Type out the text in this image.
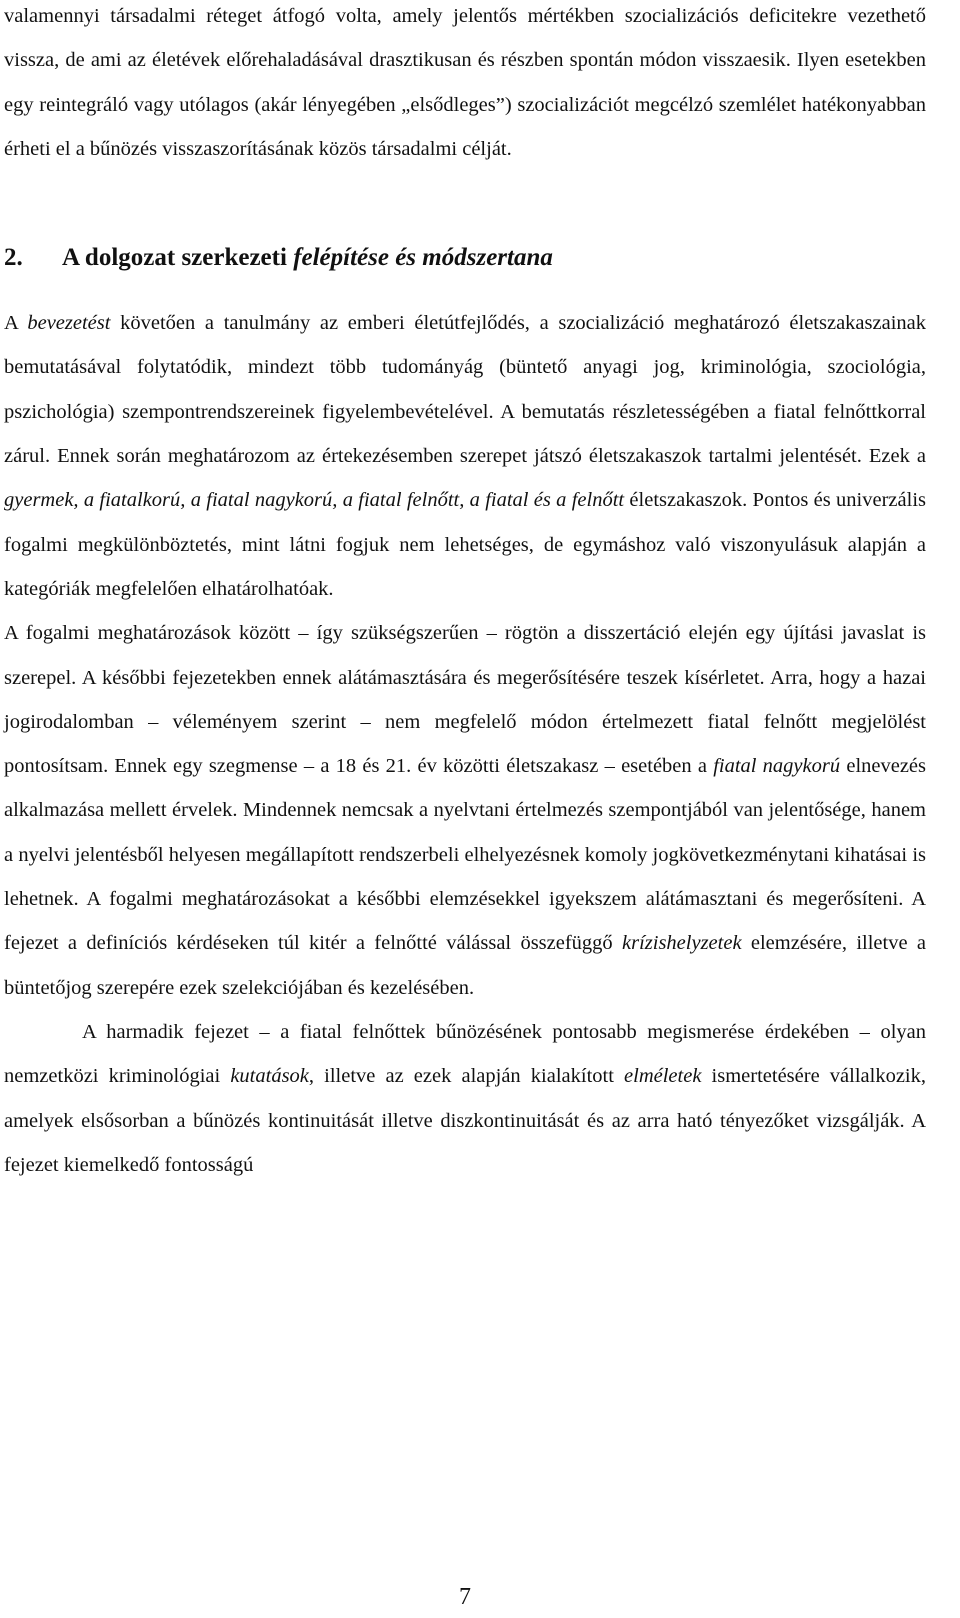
valamennyi társadalmi réteget átfogó volta, amely jelentős mértékben szocializációs deficitekre vezethető vissza, de ami az életévek előrehaladásával drasztikusan és részben spontán módon visszaesik. Ilyen esetekben egy reintegráló vagy utólagos (akár lényegében „elsődleges”) szocializációt megcélzó szemlélet hatékonyabban érheti el a bűnözés visszaszorításának közös társadalmi célját.

2. A dolgozat szerkezeti felépítése és módszertana

A bevezetést követően a tanulmány az emberi életútfejlődés, a szocializáció meghatározó életszakaszainak bemutatásával folytatódik, mindezt több tudományág (büntető anyagi jog, kriminológia, szociológia, pszichológia) szempontrendszereinek figyelembevételével. A bemutatás részletességében a fiatal felnőttkorral zárul. Ennek során meghatározom az értekezésemben szerepet játszó életszakaszok tartalmi jelentését. Ezek a gyermek, a fiatalkorú, a fiatal nagykorú, a fiatal felnőtt, a fiatal és a felnőtt életszakaszok. Pontos és univerzális fogalmi megkülönböztetés, mint látni fogjuk nem lehetséges, de egymáshoz való viszonyulásuk alapján a kategóriák megfelelően elhatárolhatóak.

A fogalmi meghatározások között – így szükségszerűen – rögtön a disszertáció elején egy újítási javaslat is szerepel. A későbbi fejezetekben ennek alátámasztására és megerősítésére teszek kísérletet. Arra, hogy a hazai jogirodalomban – véleményem szerint – nem megfelelő módon értelmezett fiatal felnőtt megjelölést pontosítsam. Ennek egy szegmense – a 18 és 21. év közötti életszakasz – esetében a fiatal nagykorú elnevezés alkalmazása mellett érvelek. Mindennek nemcsak a nyelvtani értelmezés szempontjából van jelentősége, hanem a nyelvi jelentésből helyesen megállapított rendszerbeli elhelyezésnek komoly jogkövetkezménytani kihatásai is lehetnek. A fogalmi meghatározásokat a későbbi elemzésekkel igyekszem alátámasztani és megerősíteni. A fejezet a definíciós kérdéseken túl kitér a felnőtté válással összefüggő krízishelyzetek elemzésére, illetve a büntetőjog szerepére ezek szelekciójában és kezelésében.

A harmadik fejezet – a fiatal felnőttek bűnözésének pontosabb megismerése érdekében – olyan nemzetközi kriminológiai kutatások, illetve az ezek alapján kialakított elméletek ismertetésére vállalkozik, amelyek elsősorban a bűnözés kontinuitását illetve diszkontinuitását és az arra ható tényezőket vizsgálják. A fejezet kiemelkedő fontosságú

7
